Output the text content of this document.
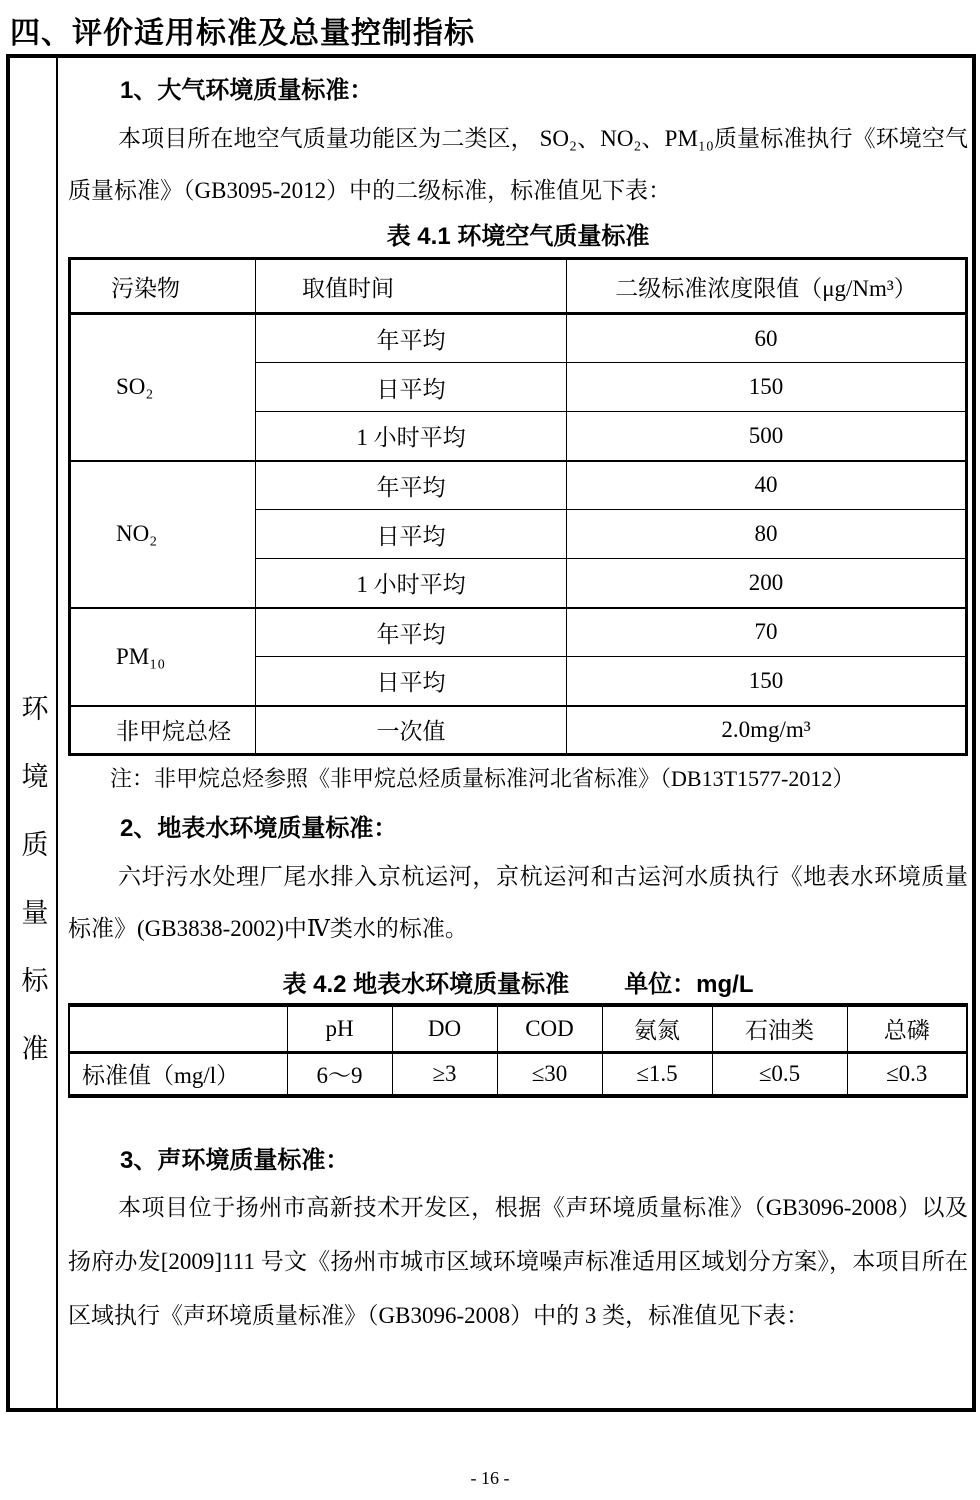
四、评价适用标准及总量控制指标
环境质量标准
1、大气环境质量标准：

本项目所在地空气质量功能区为二类区， SO₂、NO₂、PM₁₀质量标准执行《环境空气质量标准》（GB3095-2012）中的二级标准，标准值见下表：

表 4.1 环境空气质量标准
污染物	取值时间	二级标准浓度限值（μg/Nm³）
SO₂	年平均	60
	日平均	150
	1 小时平均	500
NO₂	年平均	40
	日平均	80
	1 小时平均	200
PM₁₀	年平均	70
	日平均	150
非甲烷总烃	一次值	2.0mg/m³
注：非甲烷总烃参照《非甲烷总烃质量标准河北省标准》（DB13T1577-2012）
2、地表水环境质量标准：

六圩污水处理厂尾水排入京杭运河，京杭运河和古运河水质执行《地表水环境质量标准》(GB3838-2002)中Ⅳ类水的标准。

表 4.2 地表水环境质量标准 单位：mg/L
	pH	DO	COD	氨氮	石油类	总磷
标准值（mg/l）	6～9	≥3	≤30	≤1.5	≤0.5	≤0.3
3、声环境质量标准：

本项目位于扬州市高新技术开发区，根据《声环境质量标准》（GB3096-2008）以及扬府办发[2009]111 号文《扬州市城市区域环境噪声标准适用区域划分方案》，本项目所在区域执行《声环境质量标准》（GB3096-2008）中的 3 类，标准值见下表：

- 16 -
